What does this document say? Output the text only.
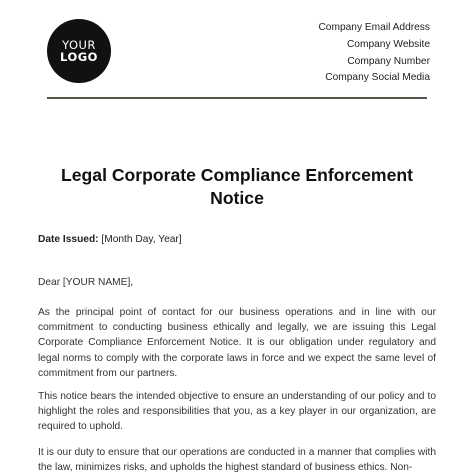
YOUR
LOGO
Company Email Address
Company Website
Company Number
Company Social Media
Legal Corporate Compliance Enforcement
Notice
Date Issued: [Month Day, Year]
Dear [YOUR NAME],

As the principal point of contact for our business operations and in line with our commitment to conducting business ethically and legally, we are issuing this Legal Corporate Compliance Enforcement Notice. It is our obligation under regulatory and legal norms to comply with the corporate laws in force and we expect the same level of commitment from our partners.

This notice bears the intended objective to ensure an understanding of our policy and to highlight the roles and responsibilities that you, as a key player in our organization, are required to uphold.

It is our duty to ensure that our operations are conducted in a manner that complies with the law, minimizes risks, and upholds the highest standard of business ethics. Non-
